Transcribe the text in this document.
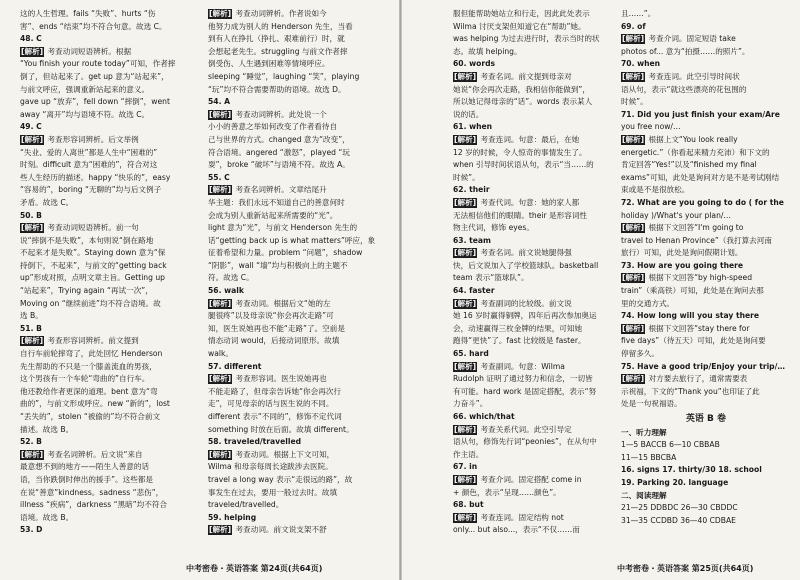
这的人生哲理。fails “失败”、hurts “伤
害”、ends “结束”均不符合句意。故选 C。
48. C
[解析] 考查动词短语辨析。根据
“You finish your route today”可知，作者摔
倒了，但站起来了。get up 意为“站起来”，
与前文呼应，强调重新站起来的意义。
gave up “放弃”，fell down “摔倒”，went
away “离开”均与语境不符。故选 C。
49. C
[解析] 考查形容词辨析。后文举例
“失业、爱的人离世”都是人生中“困难的”
时刻。difficult 意为“困难的”，符合对这
些人生经历的描述。happy “快乐的”，easy
“容易的”，boring “无聊的”均与后文例子
矛盾。故选 C。
50. B
[解析] 考查动词短语辨析。前一句
说“摔倒不是失败”，本句则说“倒在路地
不起来才是失败”。Staying down 意为“保
持倒下，不起来”，与前文的“getting back
up”形成对照，点明文章主旨。Getting up
“站起来”，Trying again “再试一次”，
Moving on “继续前进”均不符合语境。故
选 B。
51. B
[解析] 考查形容词辨析。前文提到
自行车前轮摔弯了，此处回忆 Henderson
先生帮助的不只是一个膝盖流血的男孩，
这个男孩有一个车轮“弯曲的”自行车。
他还教给作者更深的道理。bent 意为“弯
曲的”，与前文形成呼应。new “新的”，lost
“丢失的”，stolen “被偷的”均不符合前文
描述。故选 B。
52. B
[解析] 考查名词辨析。后文说“来自
最意想不到的地方——陌生人善意的话
语，当你跌倒时伸出的援手”。这些都是
在说“善意”kindness。sadness “悲伤”，
illness “疾病”，darkness “黑暗”均不符合
语境。故选 B。
53. D
[解析] 考查动词辨析。作者说如今
他努力成为别人的 Henderson 先生，当看
到有人在挣扎（挣扎、艰难前行）时，就
会想起老先生。struggling 与前文作者摔
倒受伤、人生遇到困难等情境呼应。
sleeping “睡觉”，laughing “笑”，playing
“玩”均不符合需要帮助的语境。故选 D。
54. A
[解析] 考查动词辨析。此处说一个
小小的善意之举如何改变了作者看待自
己与世界的方式。changed 意为“改变”，
符合语境。angered “激怒”，played “玩
耍”，broke “破坏”与语境不符。故选 A。
55. C
[解析] 考查名词辨析。文章结尾升
华主题：我们永远不知道自己的善意何时
会成为别人重新站起来所需要的“光”。
light 意为“光”，与前文 Henderson 先生的
话“getting back up is what matters”呼应，象
征着希望和力量。problem “问题”，shadow
“阴影”，wall “墙”均与积极向上的主题不
符。故选 C。
56. walk
[解析] 考查动词。根据后文“她的左
腿很疼”以及母亲说“你会再次走路”可
知，医生说她再也不能“走路”了。空前是
情态动词 would，后接动词原形。故填
walk。
57. different
[解析] 考查形容词。医生说她再也
不能走路了，但母亲告诉她“你会再次行
走”，可见母亲的话与医生说的不同。
different 表示“不同的”，修饰不定代词
something 时放在后面。故填 different。
58. traveled/travelled
[解析] 考查动词。根据上下文可知，
Wilma 和母亲每周长途跋涉去医院。
travel a long way 表示“走很远的路”，故
事发生在过去，要用一般过去时。故填
traveled/travelled。
59. helping
[解析] 考查动词。前文说支架不舒
中考密卷・英语答案 第24页(共64页)
服但能帮助她站立和行走，因此此处表示
Wilma 讨厌支架但知道它在“帮助”她。
was helping 为过去进行时，表示当时的状
态。故填 helping。
60. words
[解析] 考查名词。前文提到母亲对
她说“你会再次走路，我相信你能做到”，
所以她记得母亲的“话”。words 表示某人
说的话。
61. when
[解析] 考查连词。句意：最后，在她
12 岁的时候，令人惊奇的事情发生了。
when 引导时间状语从句，表示“当……的
时候”。
62. their
[解析] 考查代词。句意：她的家人都
无法相信他们的眼睛。their 是形容词性
物主代词，修饰 eyes。
63. team
[解析] 考查名词。前文说她腿得强
快，后文说加入了学校篮球队。basketball
team 表示“篮球队”。
64. faster
[解析] 考查副词的比较级。前文说
她 16 岁时赢得铜牌，四年后再次参加奥运
会，动速赢得三枚金牌的结果，可知她
跑得“更快”了。fast 比较级是 faster。
65. hard
[解析] 考查副词。句意：Wilma
Rudolph 证明了通过努力和信念，一切皆
有可能。hard work 是固定搭配，表示“努
力奋斗”。
66. which/that
[解析] 考查关系代词。此空引导定
语从句，修饰先行词“peonies”，在从句中
作主语。
67. in
[解析] 考查介词。固定搭配 come in
+ 颜色，表示“呈现……颜色”。
68. but
[解析] 考查连词。固定结构 not
only... but also...，表示“不仅……而
且……”。
69. of
[解析] 考查介词。固定短语 take
photos of... 意为“拍摄……的照片”。
70. when
[解析] 考查连词。此空引导时间状
语从句，表示“就这些漂亮的花包围的
时候”。
71. Did you just finish your exam/Are
you free now/…
[解析] 根据上文“You look really
energetic.”（你看起来精力充沛）和下文的
肯定回答“Yes!”以及“finished my final
exams”可知，此处是询问对方是不是考试刚结
束或是不是很放松。
72. What are you going to do ( for the
holiday )/What's your plan/…
[解析] 根据下文回答“I'm going to
travel to Henan Province”（我打算去河南
旅行）可知，此处是询问假期计划。
73. How are you going there
[解析] 根据下文回答“by high-speed
train”（乘高铁）可知，此处是在询问去那
里的交通方式。
74. How long will you stay there
[解析] 根据下文回答“stay there for
five days”（待五天）可知，此处是询问要
停留多久。
75. Have a good trip/Enjoy your trip/…
[解析] 对方要去旅行了，通常需要表
示祝福，下文的“Thank you”也印证了此
处是一句祝福语。
英语 B 卷
一、听力理解
1—5 BACCB 6—10 CBBAB
11—15 BBCBA
16. signs 17. thirty/30 18. school
19. Parking 20. language
二、阅读理解
21—25 DDBDC 26—30 CBDDC
31—35 CCDBD 36—40 CDBAE
中考密卷・英语答案 第25页(共64页)
